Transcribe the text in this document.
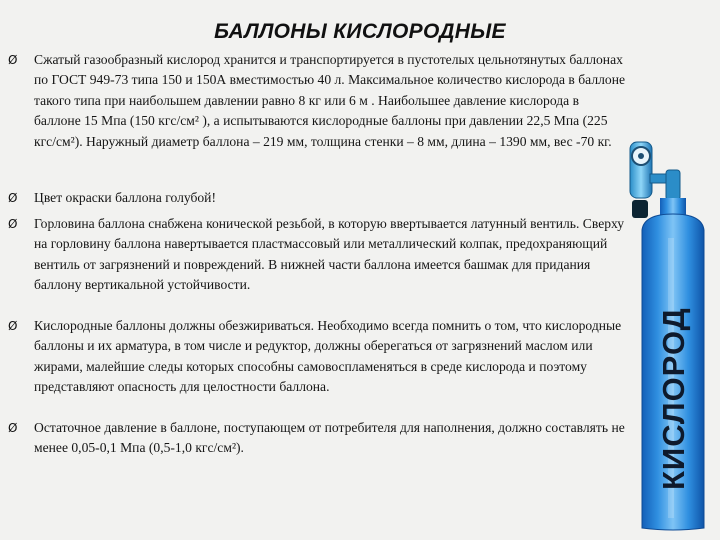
БАЛЛОНЫ КИСЛОРОДНЫЕ
Ø Сжатый газообразный кислород хранится и транспортируется в пустотелых цельнотянутых баллонах по ГОСТ 949-73 типа 150 и 150А вместимостью 40 л. Максимальное количество кислорода в баллоне такого типа при наибольшем давлении равно 8 кг или 6 м . Наибольшее давление кислорода в баллоне 15 Мпа (150 кгс/см² ), а испытываются кислородные баллоны при давлении 22,5 Мпа (225 кгс/см²). Наружный диаметр баллона – 219 мм, толщина стенки – 8 мм, длина – 1390 мм, вес -70 кг.
Ø Цвет окраски баллона голубой!
Ø Горловина баллона снабжена конической резьбой, в которую ввертывается латунный вентиль. Сверху на горловину баллона навертывается пластмассовый или металлический колпак, предохраняющий вентиль от загрязнений и повреждений. В нижней части баллона имеется башмак для придания баллону вертикальной устойчивости.
Ø Кислородные баллоны должны обезжириваться. Необходимо всегда помнить о том, что кислородные баллоны и их арматура, в том числе и редуктор, должны оберегаться от загрязнений маслом или жирами, малейшие следы которых способны самовоспламеняться в среде кислорода и поэтому представляют опасность для целостности баллона.
Ø Остаточное давление в баллоне, поступающем от потребителя для наполнения, должно составлять не менее 0,05-0,1 Мпа (0,5-1,0 кгс/см²).	КИСЛОРОД
